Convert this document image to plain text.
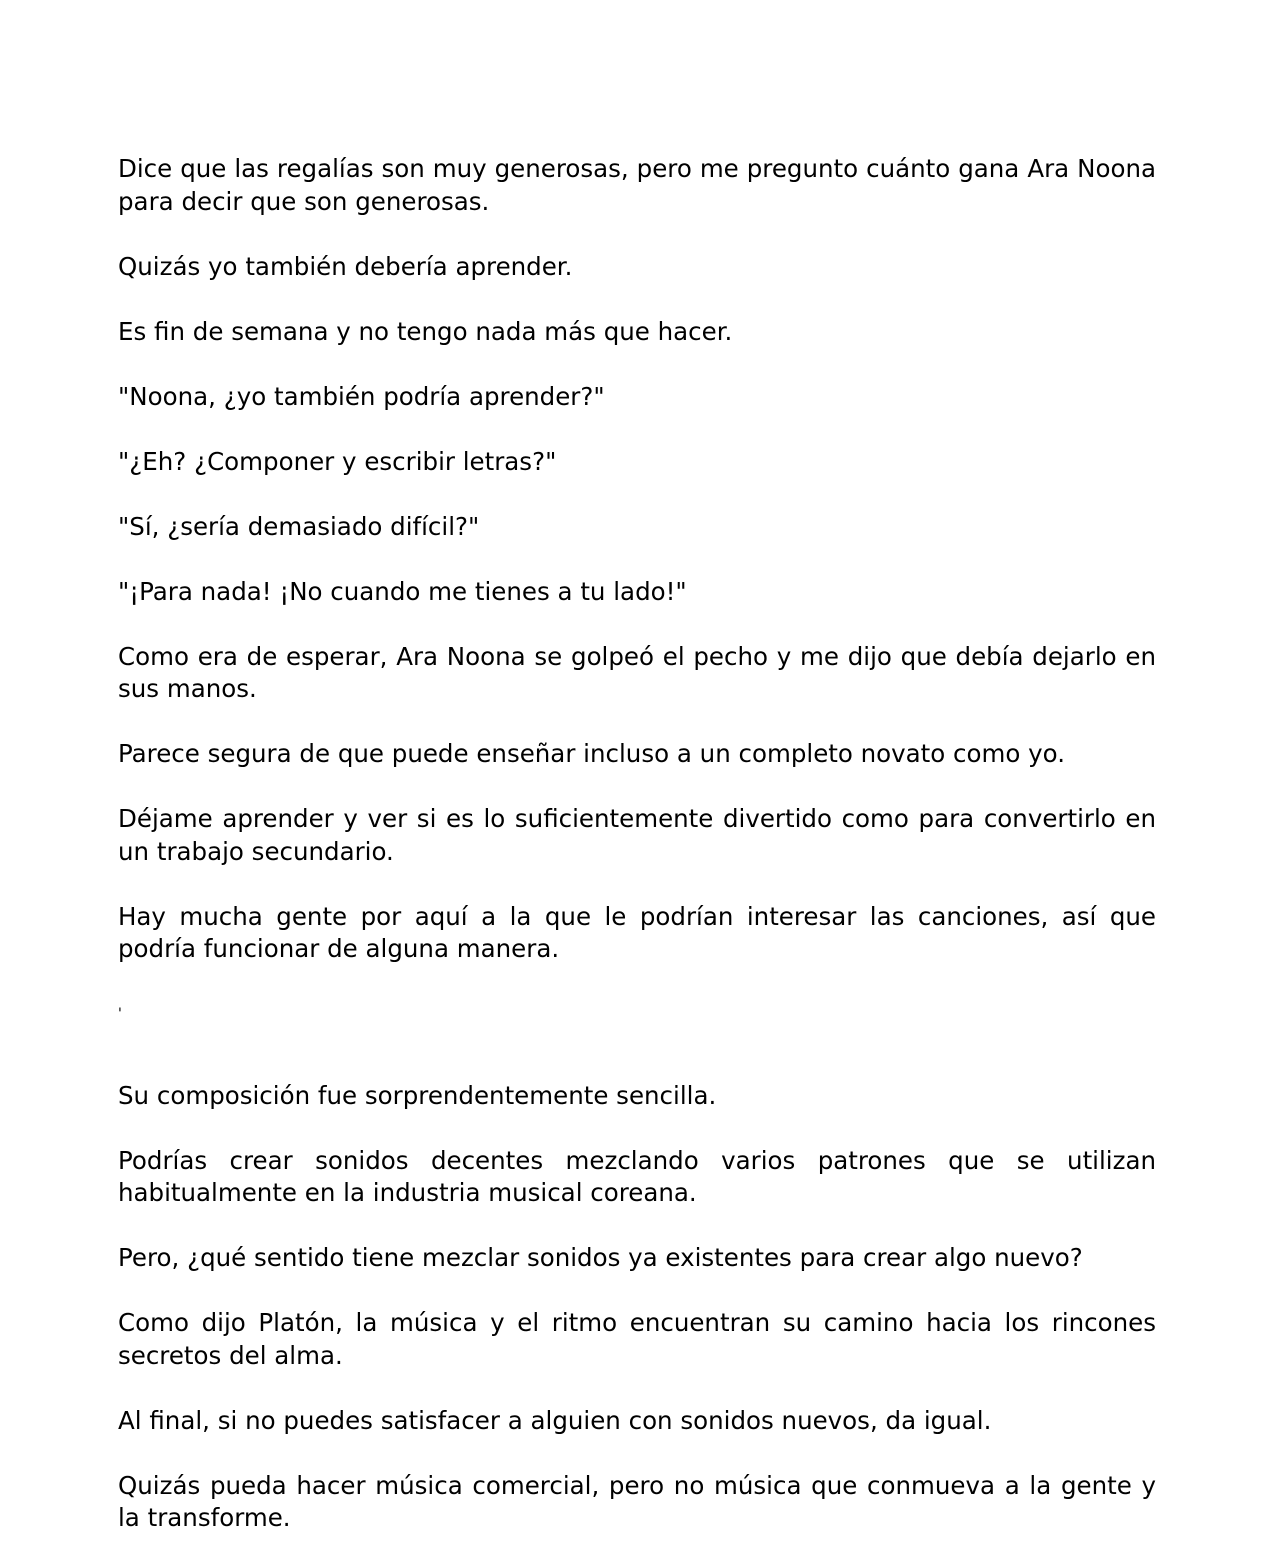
Dice que las regalías son muy generosas, pero me pregunto cuánto gana Ara Noona para decir que son generosas.

Quizás yo también debería aprender.

Es fin de semana y no tengo nada más que hacer.

"Noona, ¿yo también podría aprender?"

"¿Eh? ¿Componer y escribir letras?"

"Sí, ¿sería demasiado difícil?"

"¡Para nada! ¡No cuando me tienes a tu lado!"

Como era de esperar, Ara Noona se golpeó el pecho y me dijo que debía dejarlo en sus manos.

Parece segura de que puede enseñar incluso a un completo novato como yo.

Déjame aprender y ver si es lo suficientemente divertido como para convertirlo en un trabajo secundario.

Hay mucha gente por aquí a la que le podrían interesar las canciones, así que podría funcionar de alguna manera.

'

Su composición fue sorprendentemente sencilla.

Podrías crear sonidos decentes mezclando varios patrones que se utilizan habitualmente en la industria musical coreana.

Pero, ¿qué sentido tiene mezclar sonidos ya existentes para crear algo nuevo?

Como dijo Platón, la música y el ritmo encuentran su camino hacia los rincones secretos del alma.

Al final, si no puedes satisfacer a alguien con sonidos nuevos, da igual.

Quizás pueda hacer música comercial, pero no música que conmueva a la gente y la transforme.
